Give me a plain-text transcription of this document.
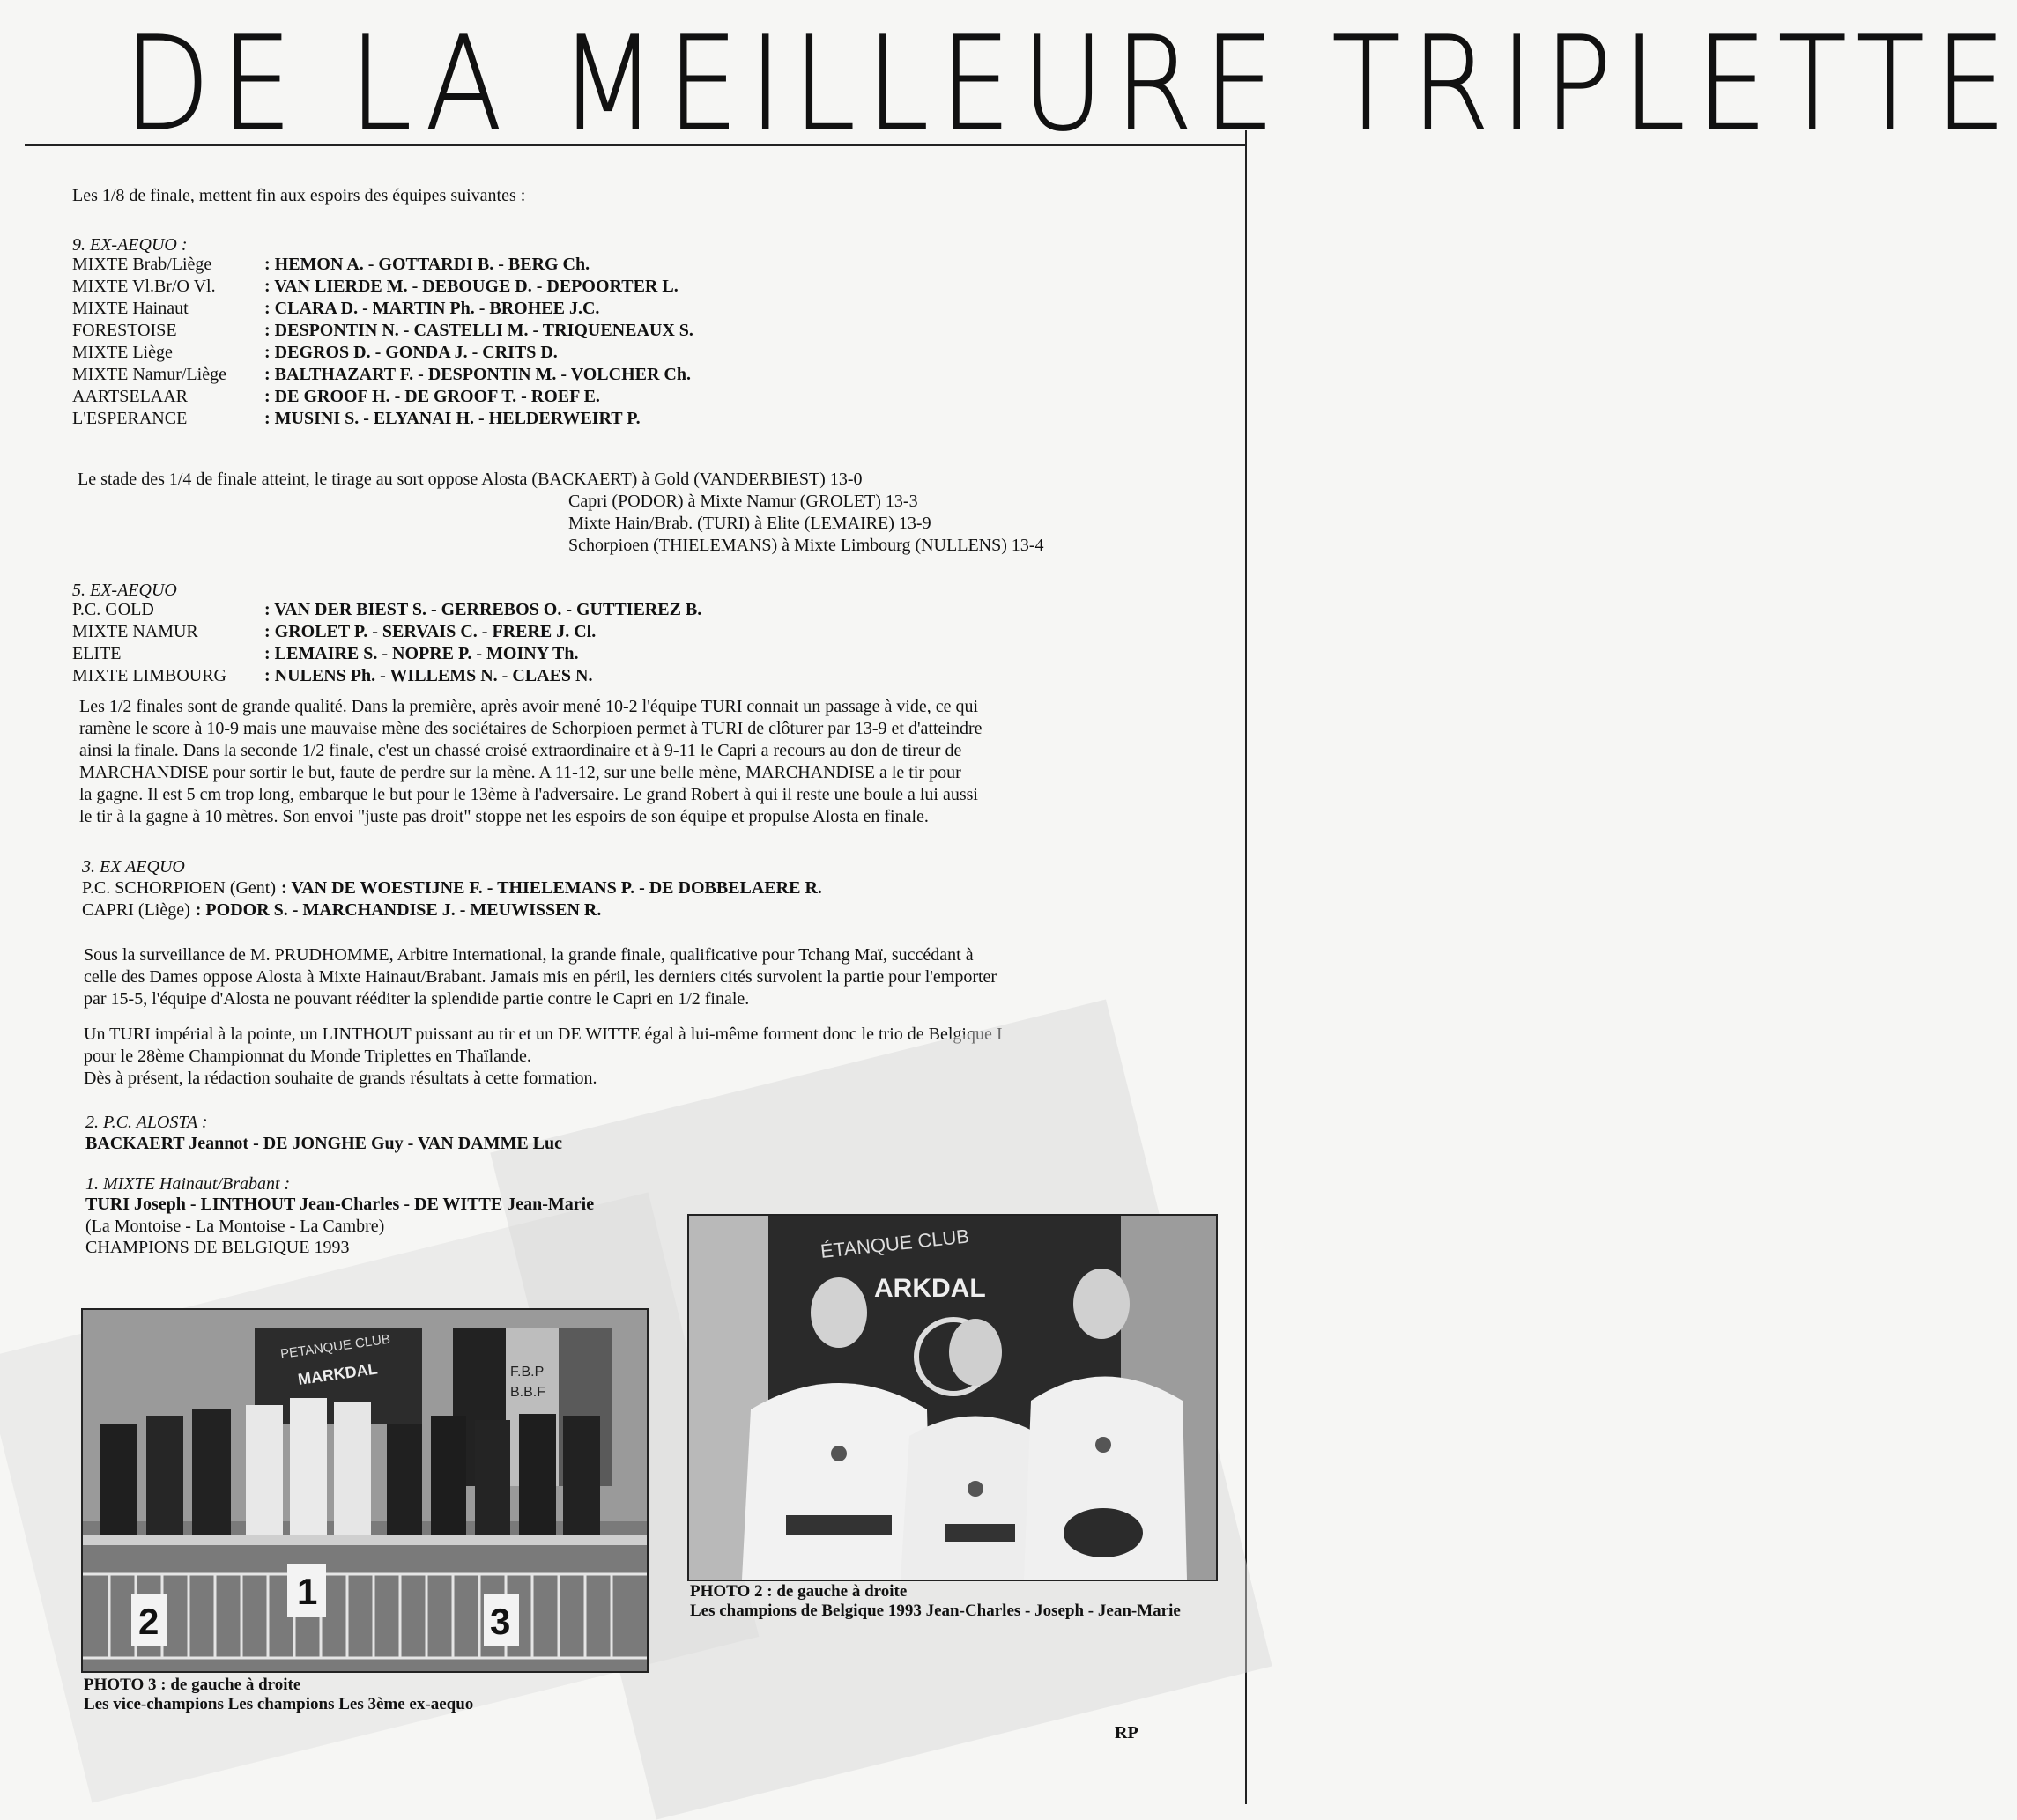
DE LA MEILLEURE TRIPLETTE
Les 1/8 de finale, mettent fin aux espoirs des équipes suivantes :
9. EX-AEQUO :
MIXTE Brab/Liège	: HEMON A. - GOTTARDI B. - BERG Ch.
MIXTE Vl.Br/O Vl.	: VAN LIERDE M. - DEBOUGE D. - DEPOORTER L.
MIXTE Hainaut	: CLARA D. - MARTIN Ph. - BROHEE J.C.
FORESTOISE	: DESPONTIN N. - CASTELLI M. - TRIQUENEAUX S.
MIXTE Liège	: DEGROS D. - GONDA J. - CRITS D.
MIXTE Namur/Liège	: BALTHAZART F. - DESPONTIN M. - VOLCHER Ch.
AARTSELAAR	: DE GROOF H. - DE GROOF T. - ROEF E.
L'ESPERANCE	: MUSINI S. - ELYANAI H. - HELDERWEIRT P.
Le stade des 1/4 de finale atteint, le tirage au sort oppose Alosta (BACKAERT) à Gold (VANDERBIEST) 13-0
Capri (PODOR) à Mixte Namur (GROLET) 13-3
Mixte Hain/Brab. (TURI) à Elite (LEMAIRE) 13-9
Schorpioen (THIELEMANS) à Mixte Limbourg (NULLENS) 13-4
5. EX-AEQUO
P.C. GOLD	: VAN DER BIEST S. - GERREBOS O. - GUTTIEREZ B.
MIXTE NAMUR	: GROLET P. - SERVAIS C. - FRERE J. Cl.
ELITE	: LEMAIRE S. - NOPRE P. - MOINY Th.
MIXTE LIMBOURG	: NULENS Ph. - WILLEMS N. - CLAES N.
Les 1/2 finales sont de grande qualité. Dans la première, après avoir mené 10-2 l'équipe TURI connait un passage à vide, ce qui
ramène le score à 10-9 mais une mauvaise mène des sociétaires de Schorpioen permet à TURI de clôturer par 13-9 et d'atteindre
ainsi la finale. Dans la seconde 1/2 finale, c'est un chassé croisé extraordinaire et à 9-11 le Capri a recours au don de tireur de
MARCHANDISE pour sortir le but, faute de perdre sur la mène. A 11-12, sur une belle mène, MARCHANDISE a le tir pour
la gagne. Il est 5 cm trop long, embarque le but pour le 13ème à l'adversaire. Le grand Robert à qui il reste une boule a lui aussi
le tir à la gagne à 10 mètres. Son envoi "juste pas droit" stoppe net les espoirs de son équipe et propulse Alosta en finale.
3. EX AEQUO
P.C. SCHORPIOEN (Gent) : VAN DE WOESTIJNE F. - THIELEMANS P. - DE DOBBELAERE R.
CAPRI (Liège) : PODOR S. - MARCHANDISE J. - MEUWISSEN R.
Sous la surveillance de M. PRUDHOMME, Arbitre International, la grande finale, qualificative pour Tchang Maï, succédant à
celle des Dames oppose Alosta à Mixte Hainaut/Brabant. Jamais mis en péril, les derniers cités survolent la partie pour l'emporter
par 15-5, l'équipe d'Alosta ne pouvant rééditer la splendide partie contre le Capri en 1/2 finale.
Un TURI impérial à la pointe, un LINTHOUT puissant au tir et un DE WITTE égal à lui-même forment donc le trio de Belgique I
pour le 28ème Championnat du Monde Triplettes en Thaïlande.
Dès à présent, la rédaction souhaite de grands résultats à cette formation.
2. P.C. ALOSTA :
BACKAERT Jeannot - DE JONGHE Guy - VAN DAMME Luc
1. MIXTE Hainaut/Brabant :
TURI Joseph - LINTHOUT Jean-Charles - DE WITTE Jean-Marie
(La Montoise - La Montoise - La Cambre)
CHAMPIONS DE BELGIQUE 1993	ÉTANQUE CLUB
ARKDAL
PHOTO 2 : de gauche à droite
Les champions de Belgique 1993 Jean-Charles - Joseph - Jean-Marie
PETANQUE CLUB
MARKDAL	F.B.P
B.B.F
2
1
3
PHOTO 3 : de gauche à droite
Les vice-champions Les champions Les 3ème ex-aequo
RP
